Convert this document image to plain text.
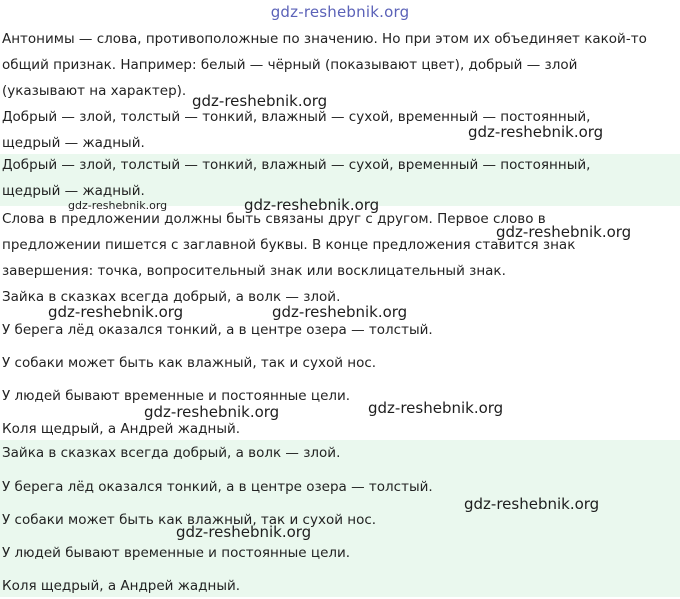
gdz-reshebnik.org
Антонимы — слова, противоположные по значению. Но при этом их объединяет какой-то
общий признак. Например: белый — чёрный (показывают цвет), добрый — злой
(указывают на характер).
Добрый — злой, толстый — тонкий, влажный — сухой, временный — постоянный,
щедрый — жадный.
Добрый — злой, толстый — тонкий, влажный — сухой, временный — постоянный,
щедрый — жадный.
Слова в предложении должны быть связаны друг с другом. Первое слово в
предложении пишется с заглавной буквы. В конце предложения ставится знак
завершения: точка, вопросительный знак или восклицательный знак.
Зайка в сказках всегда добрый, а волк — злой.
У берега лёд оказался тонкий, а в центре озера — толстый.
У собаки может быть как влажный, так и сухой нос.
У людей бывают временные и постоянные цели.
Коля щедрый, а Андрей жадный.
Зайка в сказках всегда добрый, а волк — злой.
У берега лёд оказался тонкий, а в центре озера — толстый.
У собаки может быть как влажный, так и сухой нос.
У людей бывают временные и постоянные цели.
Коля щедрый, а Андрей жадный.
gdz-reshebnik.org
gdz-reshebnik.org
gdz-reshebnik.org	gdz-reshebnik.org
gdz-reshebnik.org
gdz-reshebnik.org	gdz-reshebnik.org
gdz-reshebnik.org	gdz-reshebnik.org
gdz-reshebnik.org
gdz-reshebnik.org
